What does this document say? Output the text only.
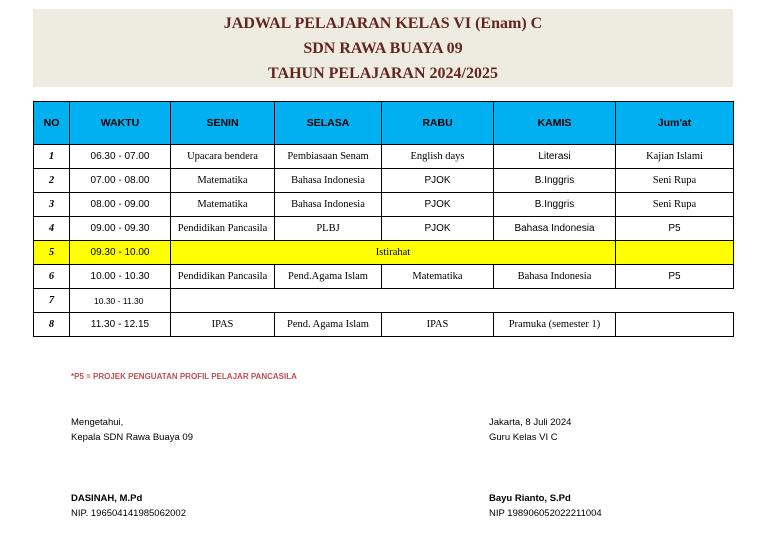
JADWAL PELAJARAN KELAS VI (Enam) C
SDN RAWA BUAYA 09
TAHUN PELAJARAN 2024/2025
NO	WAKTU	SENIN	SELASA	RABU	KAMIS	Jum'at
1	06.30 - 07.00	Upacara bendera	Pembiasaan Senam	English days	Literasi	Kajian Islami
2	07.00 - 08.00	Matematika	Bahasa Indonesia	PJOK	B.Inggris	Seni Rupa
3	08.00 - 09.00	Matematika	Bahasa Indonesia	PJOK	B.Inggris	Seni Rupa
4	09.00 - 09.30	Pendidikan Pancasila	PLBJ	PJOK	Bahasa Indonesia	P5
5	09.30 - 10.00	Istirahat				
6	10.00 - 10.30	Pendidikan Pancasila	Pend.Agama Islam	Matematika	Bahasa Indonesia	P5
7	10.30 - 11.30					
8	11.30 - 12.15	IPAS	Pend. Agama Islam	IPAS	Pramuka (semester 1)	
*P5 = PROJEK PENGUATAN PROFIL PELAJAR PANCASILA
Mengetahui,
Kepala SDN Rawa Buaya 09
DASINAH, M.Pd
NIP. 196504141985062002
Jakarta, 8 Juli 2024
Guru Kelas VI C
Bayu Rianto, S.Pd
NIP 198906052022211004
